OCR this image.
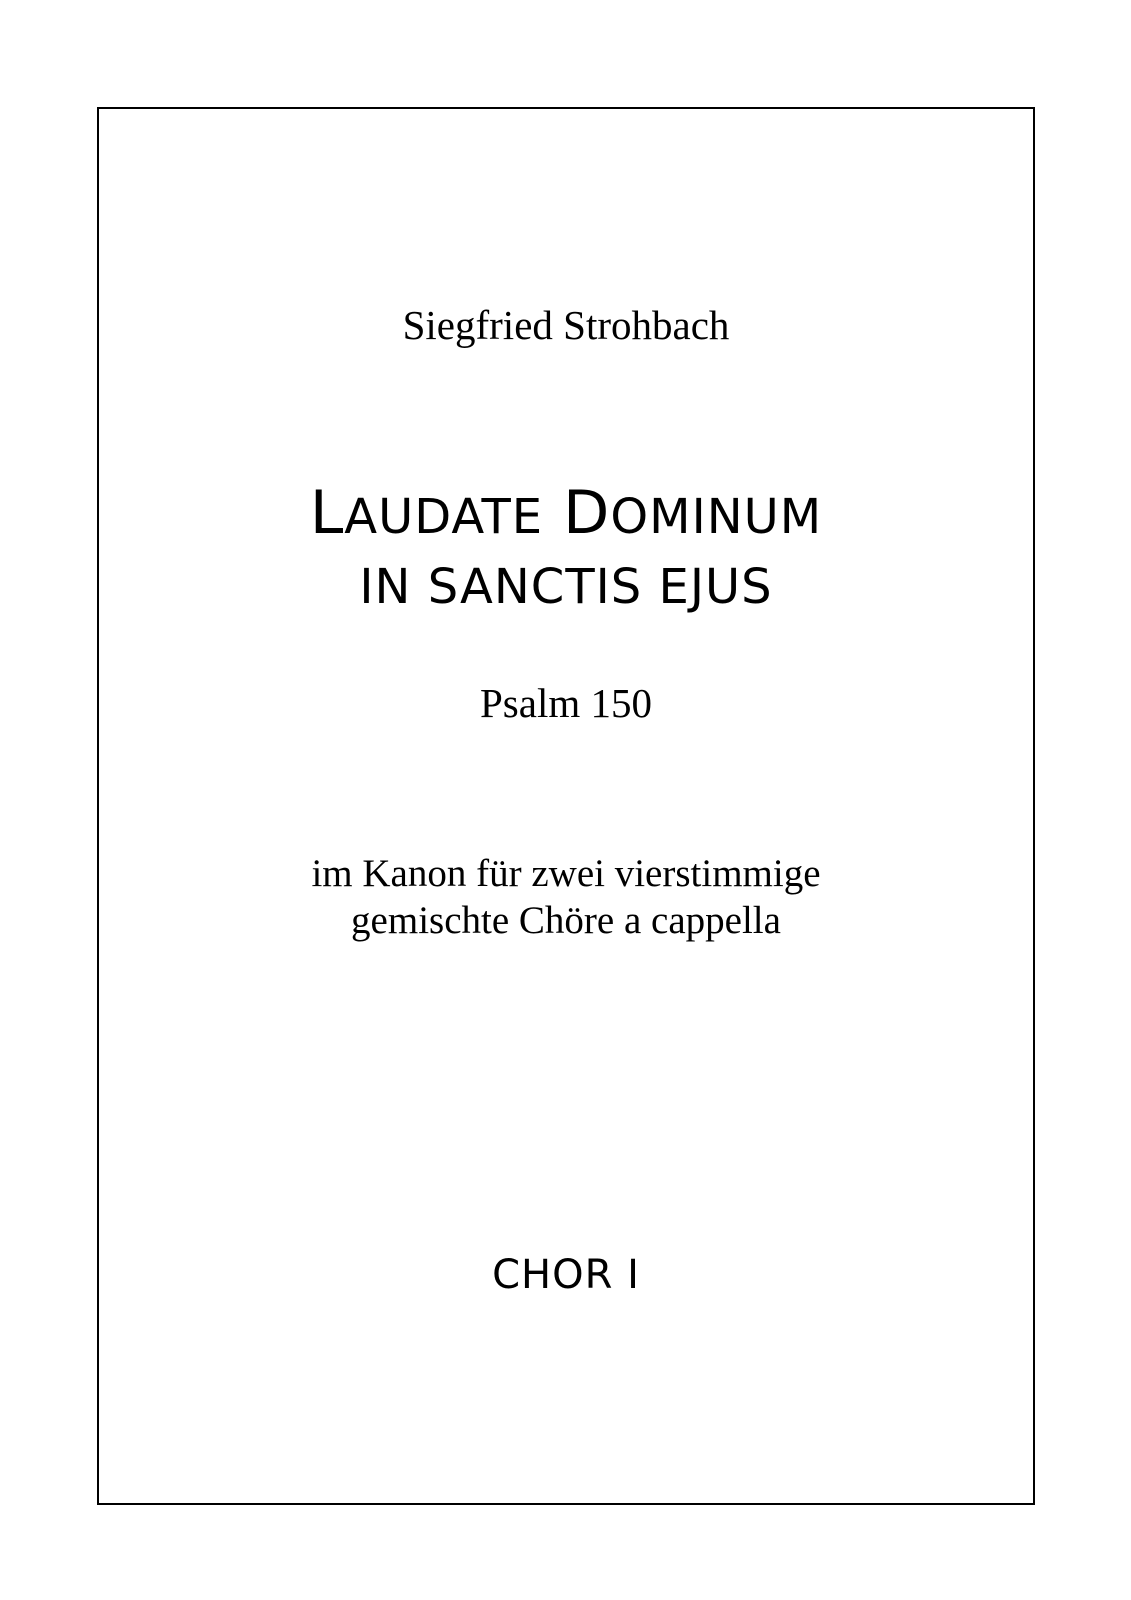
Siegfried Strohbach
LAUDATE DOMINUM
IN SANCTIS EJUS
Psalm 150
im Kanon für zwei vierstimmige
gemischte Chöre a cappella
CHOR I
